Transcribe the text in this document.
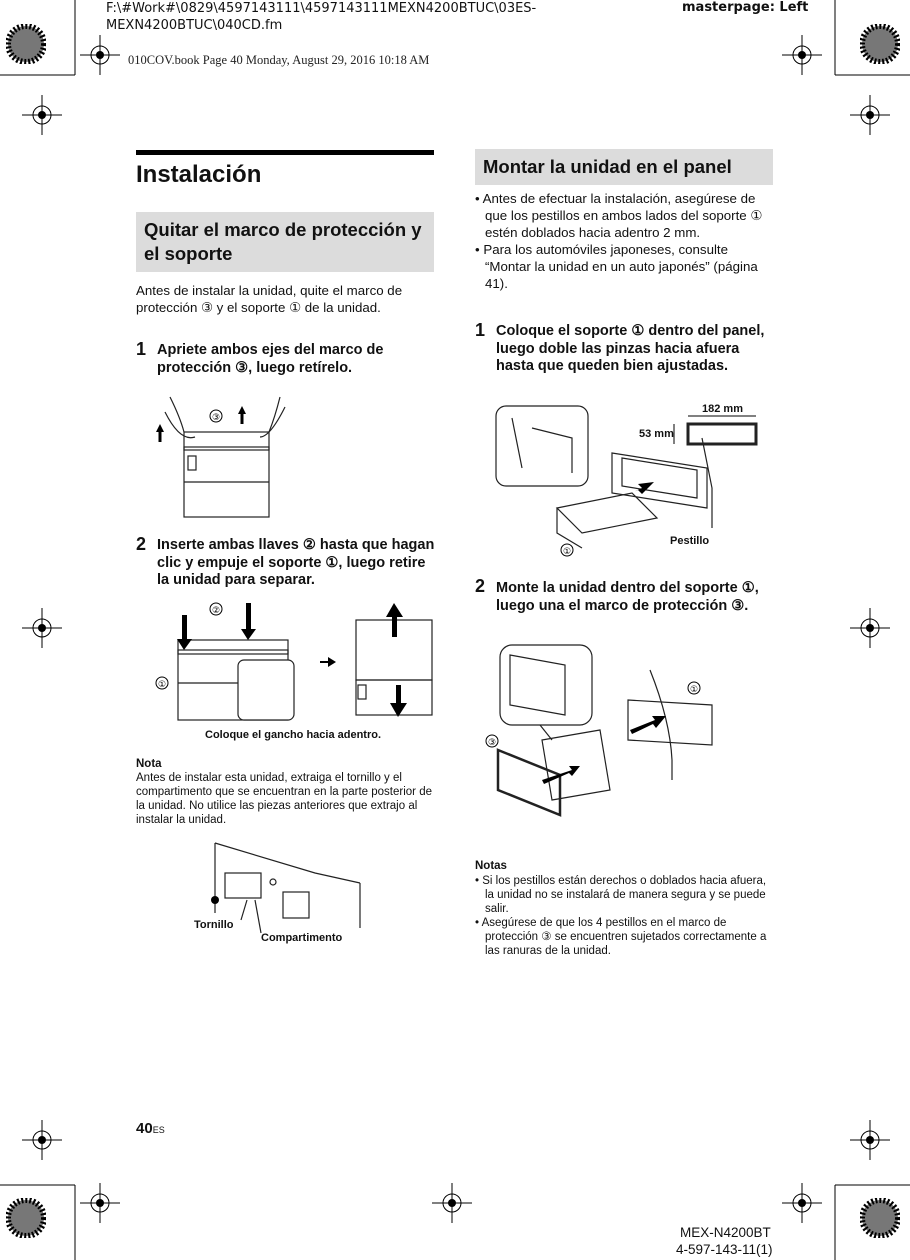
F:\#Work#\0829\4597143111\4597143111MEXN4200BTUC\03ES-
MEXN4200BTUC\040CD.fm
masterpage: Left
010COV.book Page 40 Monday, August 29, 2016 10:18 AM
Instalación
Quitar el marco de protección y el soporte
Antes de instalar la unidad, quite el marco de protección ③ y el soporte ① de la unidad.
1 Apriete ambos ejes del marco de protección ③, luego retírelo.
③
2 Inserte ambas llaves ② hasta que hagan clic y empuje el soporte ①, luego retire la unidad para separar.
②
①
Coloque el gancho hacia adentro.
Nota
Antes de instalar esta unidad, extraiga el tornillo y el compartimento que se encuentran en la parte posterior de la unidad. No utilice las piezas anteriores que extrajo al instalar la unidad.
Tornillo
Compartimento
Montar la unidad en el panel
• Antes de efectuar la instalación, asegúrese de que los pestillos en ambos lados del soporte ① estén doblados hacia adentro 2 mm.
• Para los automóviles japoneses, consulte “Montar la unidad en un auto japonés” (página 41).
1 Coloque el soporte ① dentro del panel, luego doble las pinzas hacia afuera hasta que queden bien ajustadas.
①
182 mm
53 mm
Pestillo
2 Monte la unidad dentro del soporte ①, luego una el marco de protección ③.
①
③
Notas
• Si los pestillos están derechos o doblados hacia afuera, la unidad no se instalará de manera segura y se puede salir.
• Asegúrese de que los 4 pestillos en el marco de protección ③ se encuentren sujetados correctamente a las ranuras de la unidad.
40ES
MEX-N4200BT
4-597-143-11(1)
